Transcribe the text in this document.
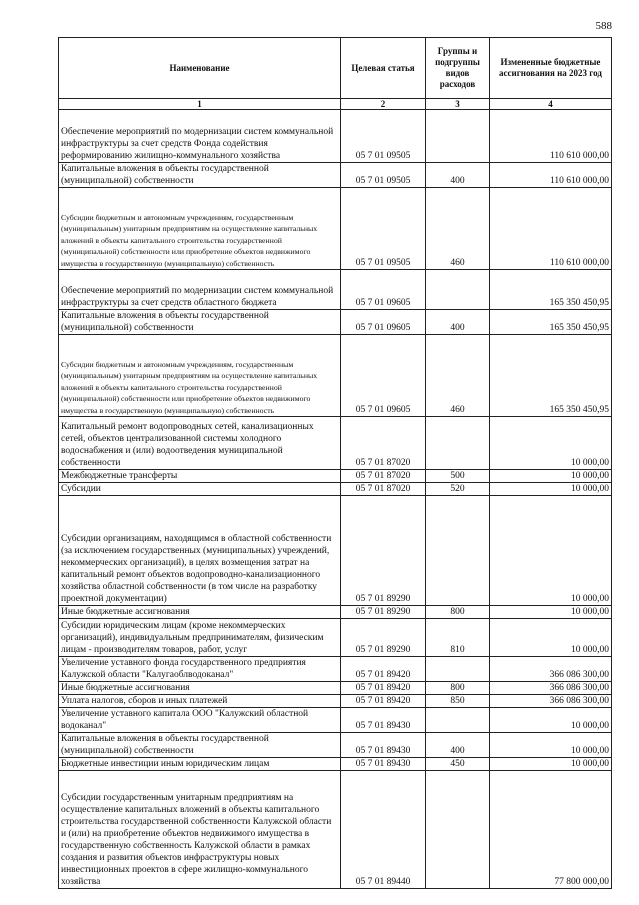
588
Наименование	Целевая статья	Группы и подгруппы видов расходов	Измененные бюджетные ассигнования на 2023 год
1	2	3	4
Обеспечение мероприятий по модернизации систем коммунальной инфраструктуры за счет средств Фонда содействия реформированию жилищно-коммунального хозяйства	05 7 01 09505		110 610 000,00
Капитальные вложения в объекты государственной (муниципальной) собственности	05 7 01 09505	400	110 610 000,00
Субсидии бюджетным и автономным учреждениям, государственным (муниципальным) унитарным предприятиям на осуществление капитальных вложений в объекты капитального строительства государственной (муниципальной) собственности или приобретение объектов недвижимого имущества в государственную (муниципальную) собственность	05 7 01 09505	460	110 610 000,00
Обеспечение мероприятий по модернизации систем коммунальной инфраструктуры за счет средств областного бюджета	05 7 01 09605		165 350 450,95
Капитальные вложения в объекты государственной (муниципальной) собственности	05 7 01 09605	400	165 350 450,95
Субсидии бюджетным и автономным учреждениям, государственным (муниципальным) унитарным предприятиям на осуществление капитальных вложений в объекты капитального строительства государственной (муниципальной) собственности или приобретение объектов недвижимого имущества в государственную (муниципальную) собственность	05 7 01 09605	460	165 350 450,95
Капитальный ремонт водопроводных сетей, канализационных сетей, объектов централизованной системы холодного водоснабжения и (или) водоотведения муниципальной собственности	05 7 01 87020		10 000,00
Межбюджетные трансферты	05 7 01 87020	500	10 000,00
Субсидии	05 7 01 87020	520	10 000,00
Субсидии организациям, находящимся в областной собственности (за исключением государственных (муниципальных) учреждений, некоммерческих организаций), в целях возмещения затрат на капитальный ремонт объектов водопроводно-канализационного хозяйства областной собственности (в том числе на разработку проектной документации)	05 7 01 89290		10 000,00
Иные бюджетные ассигнования	05 7 01 89290	800	10 000,00
Субсидии юридическим лицам (кроме некоммерческих организаций), индивидуальным предпринимателям, физическим лицам - производителям товаров, работ, услуг	05 7 01 89290	810	10 000,00
Увеличение уставного фонда государственного предприятия Калужской области "Калугаоблводоканал"	05 7 01 89420		366 086 300,00
Иные бюджетные ассигнования	05 7 01 89420	800	366 086 300,00
Уплата налогов, сборов и иных платежей	05 7 01 89420	850	366 086 300,00
Увеличение уставного капитала ООО "Калужский областной водоканал"	05 7 01 89430		10 000,00
Капитальные вложения в объекты государственной (муниципальной) собственности	05 7 01 89430	400	10 000,00
Бюджетные инвестиции иным юридическим лицам	05 7 01 89430	450	10 000,00
Субсидии государственным унитарным предприятиям на осуществление капитальных вложений в объекты капитального строительства государственной собственности Калужской области и (или) на приобретение объектов недвижимого имущества в государственную собственность Калужской области в рамках создания и развития объектов инфраструктуры новых инвестиционных проектов в сфере жилищно-коммунального хозяйства	05 7 01 89440		77 800 000,00
